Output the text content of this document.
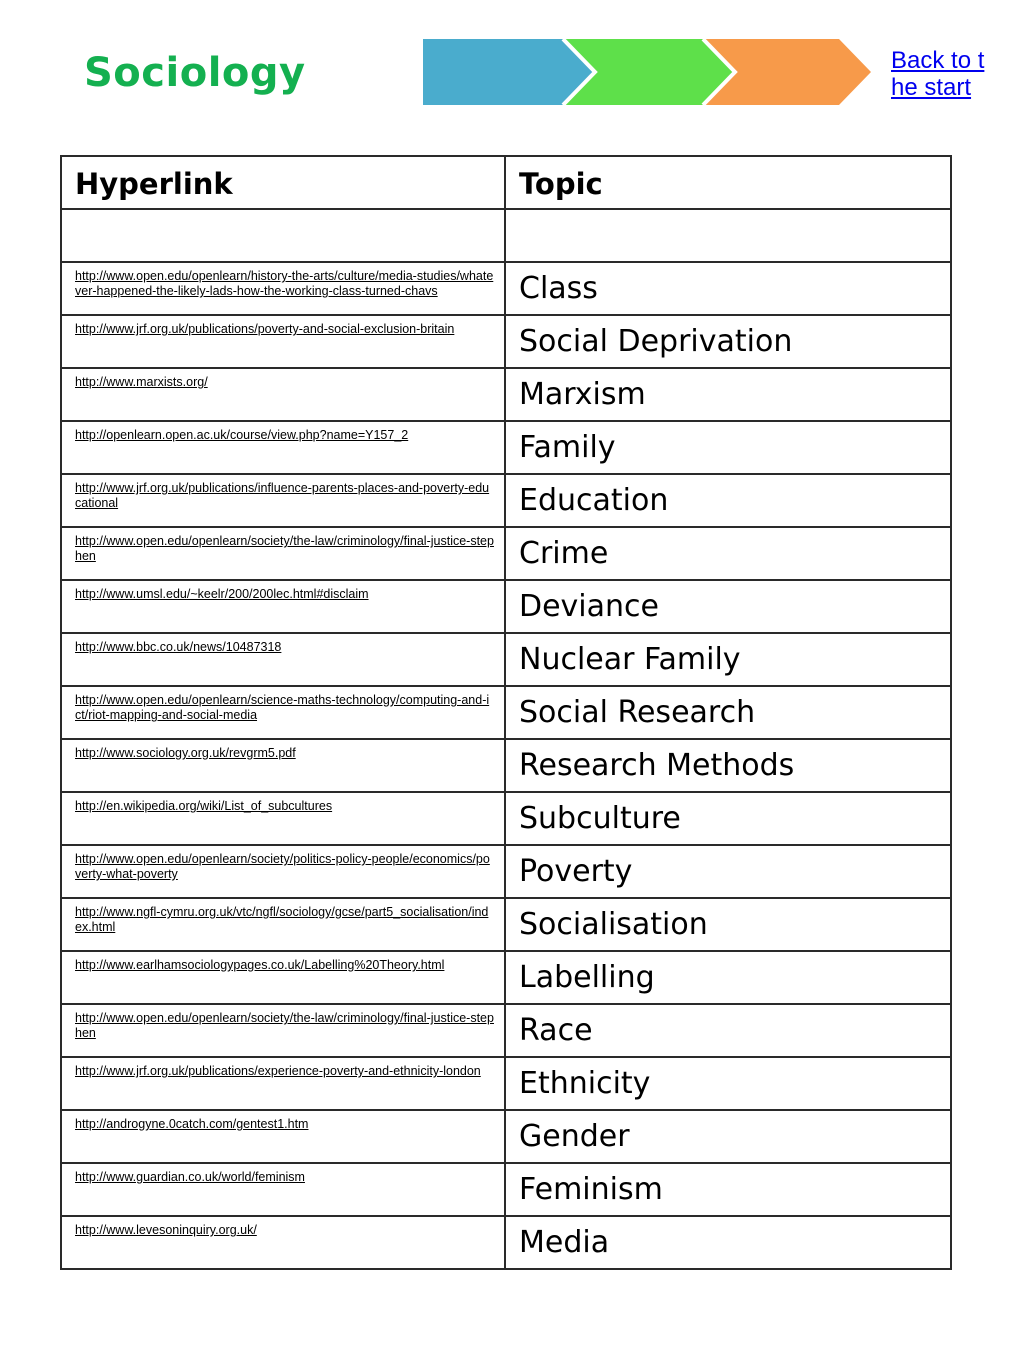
Sociology	Back to the start
Hyperlink	Topic

http://www.open.edu/openlearn/history-the-arts/culture/media-studies/whatever-happened-the-likely-lads-how-the-working-class-turned-chavs	Class

http://www.jrf.org.uk/publications/poverty-and-social-exclusion-britain	Social Deprivation

http://www.marxists.org/	Marxism

http://openlearn.open.ac.uk/course/view.php?name=Y157_2	Family

http://www.jrf.org.uk/publications/influence-parents-places-and-poverty-educational	Education

http://www.open.edu/openlearn/society/the-law/criminology/final-justice-stephen	Crime

http://www.umsl.edu/~keelr/200/200lec.html#disclaim	Deviance

http://www.bbc.co.uk/news/10487318	Nuclear Family

http://www.open.edu/openlearn/science-maths-technology/computing-and-ict/riot-mapping-and-social-media	Social Research

http://www.sociology.org.uk/revgrm5.pdf	Research Methods

http://en.wikipedia.org/wiki/List_of_subcultures	Subculture

http://www.open.edu/openlearn/society/politics-policy-people/economics/poverty-what-poverty	Poverty

http://www.ngfl-cymru.org.uk/vtc/ngfl/sociology/gcse/part5_socialisation/index.html	Socialisation

http://www.earlhamsociologypages.co.uk/Labelling%20Theory.html	Labelling

http://www.open.edu/openlearn/society/the-law/criminology/final-justice-stephen	Race

http://www.jrf.org.uk/publications/experience-poverty-and-ethnicity-london	Ethnicity

http://androgyne.0catch.com/gentest1.htm	Gender

http://www.guardian.co.uk/world/feminism	Feminism

http://www.levesoninquiry.org.uk/	Media
